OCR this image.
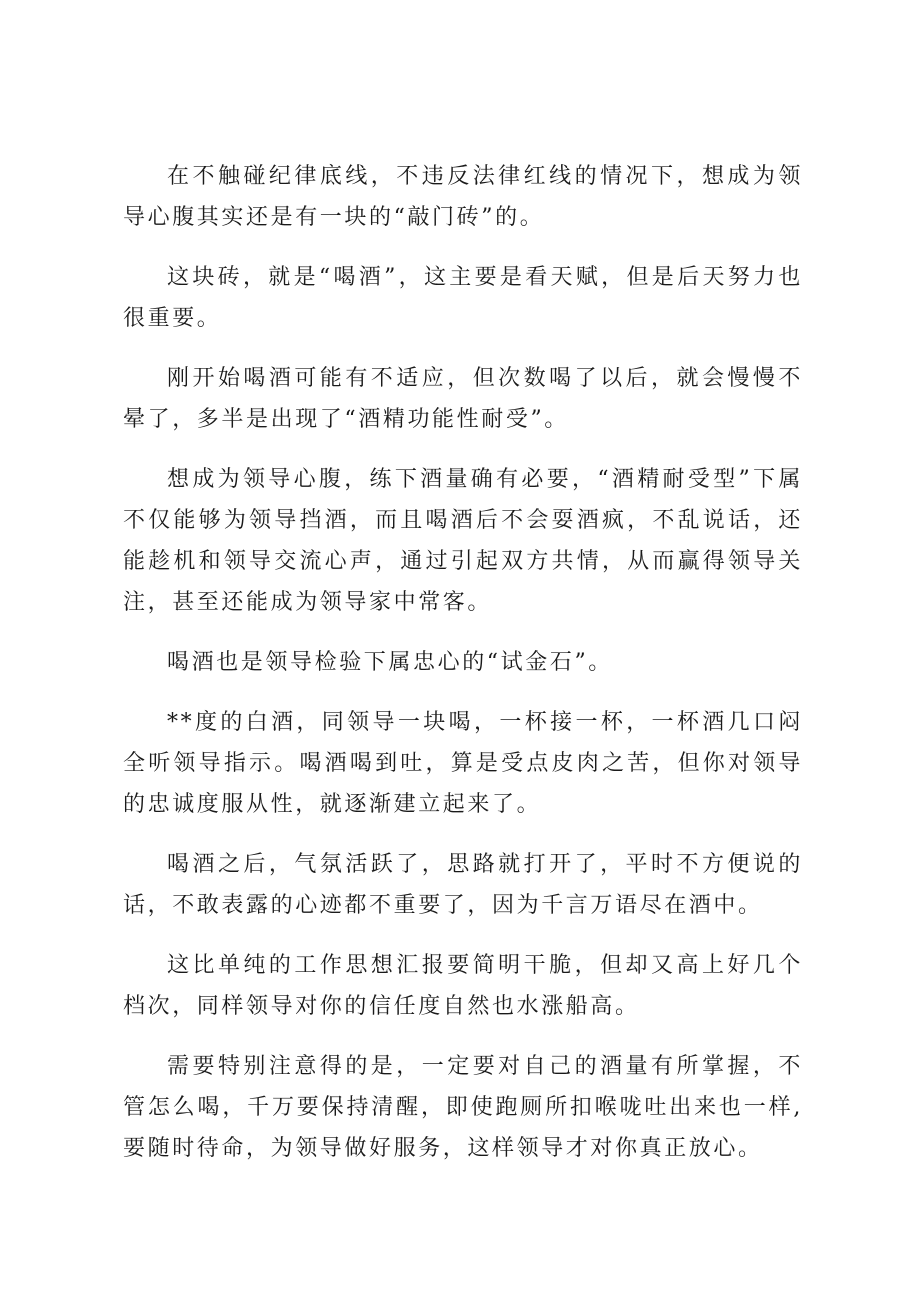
在不触碰纪律底线，不违反法律红线的情况下，想成为领导心腹其实还是有一块的“敲门砖”的。

这块砖，就是“喝酒”，这主要是看天赋，但是后天努力也很重要。

刚开始喝酒可能有不适应，但次数喝了以后，就会慢慢不晕了，多半是出现了“酒精功能性耐受”。

想成为领导心腹，练下酒量确有必要，“酒精耐受型”下属不仅能够为领导挡酒，而且喝酒后不会耍酒疯，不乱说话，还能趁机和领导交流心声，通过引起双方共情，从而赢得领导关注，甚至还能成为领导家中常客。

喝酒也是领导检验下属忠心的“试金石”。

**度的白酒，同领导一块喝，一杯接一杯，一杯酒几口闷全听领导指示。喝酒喝到吐，算是受点皮肉之苦，但你对领导的忠诚度服从性，就逐渐建立起来了。

喝酒之后，气氛活跃了，思路就打开了，平时不方便说的话，不敢表露的心迹都不重要了，因为千言万语尽在酒中。

这比单纯的工作思想汇报要简明干脆，但却又高上好几个档次，同样领导对你的信任度自然也水涨船高。

需要特别注意得的是，一定要对自己的酒量有所掌握，不管怎么喝，千万要保持清醒，即使跑厕所扣喉咙吐出来也一样,要随时待命，为领导做好服务，这样领导才对你真正放心。
